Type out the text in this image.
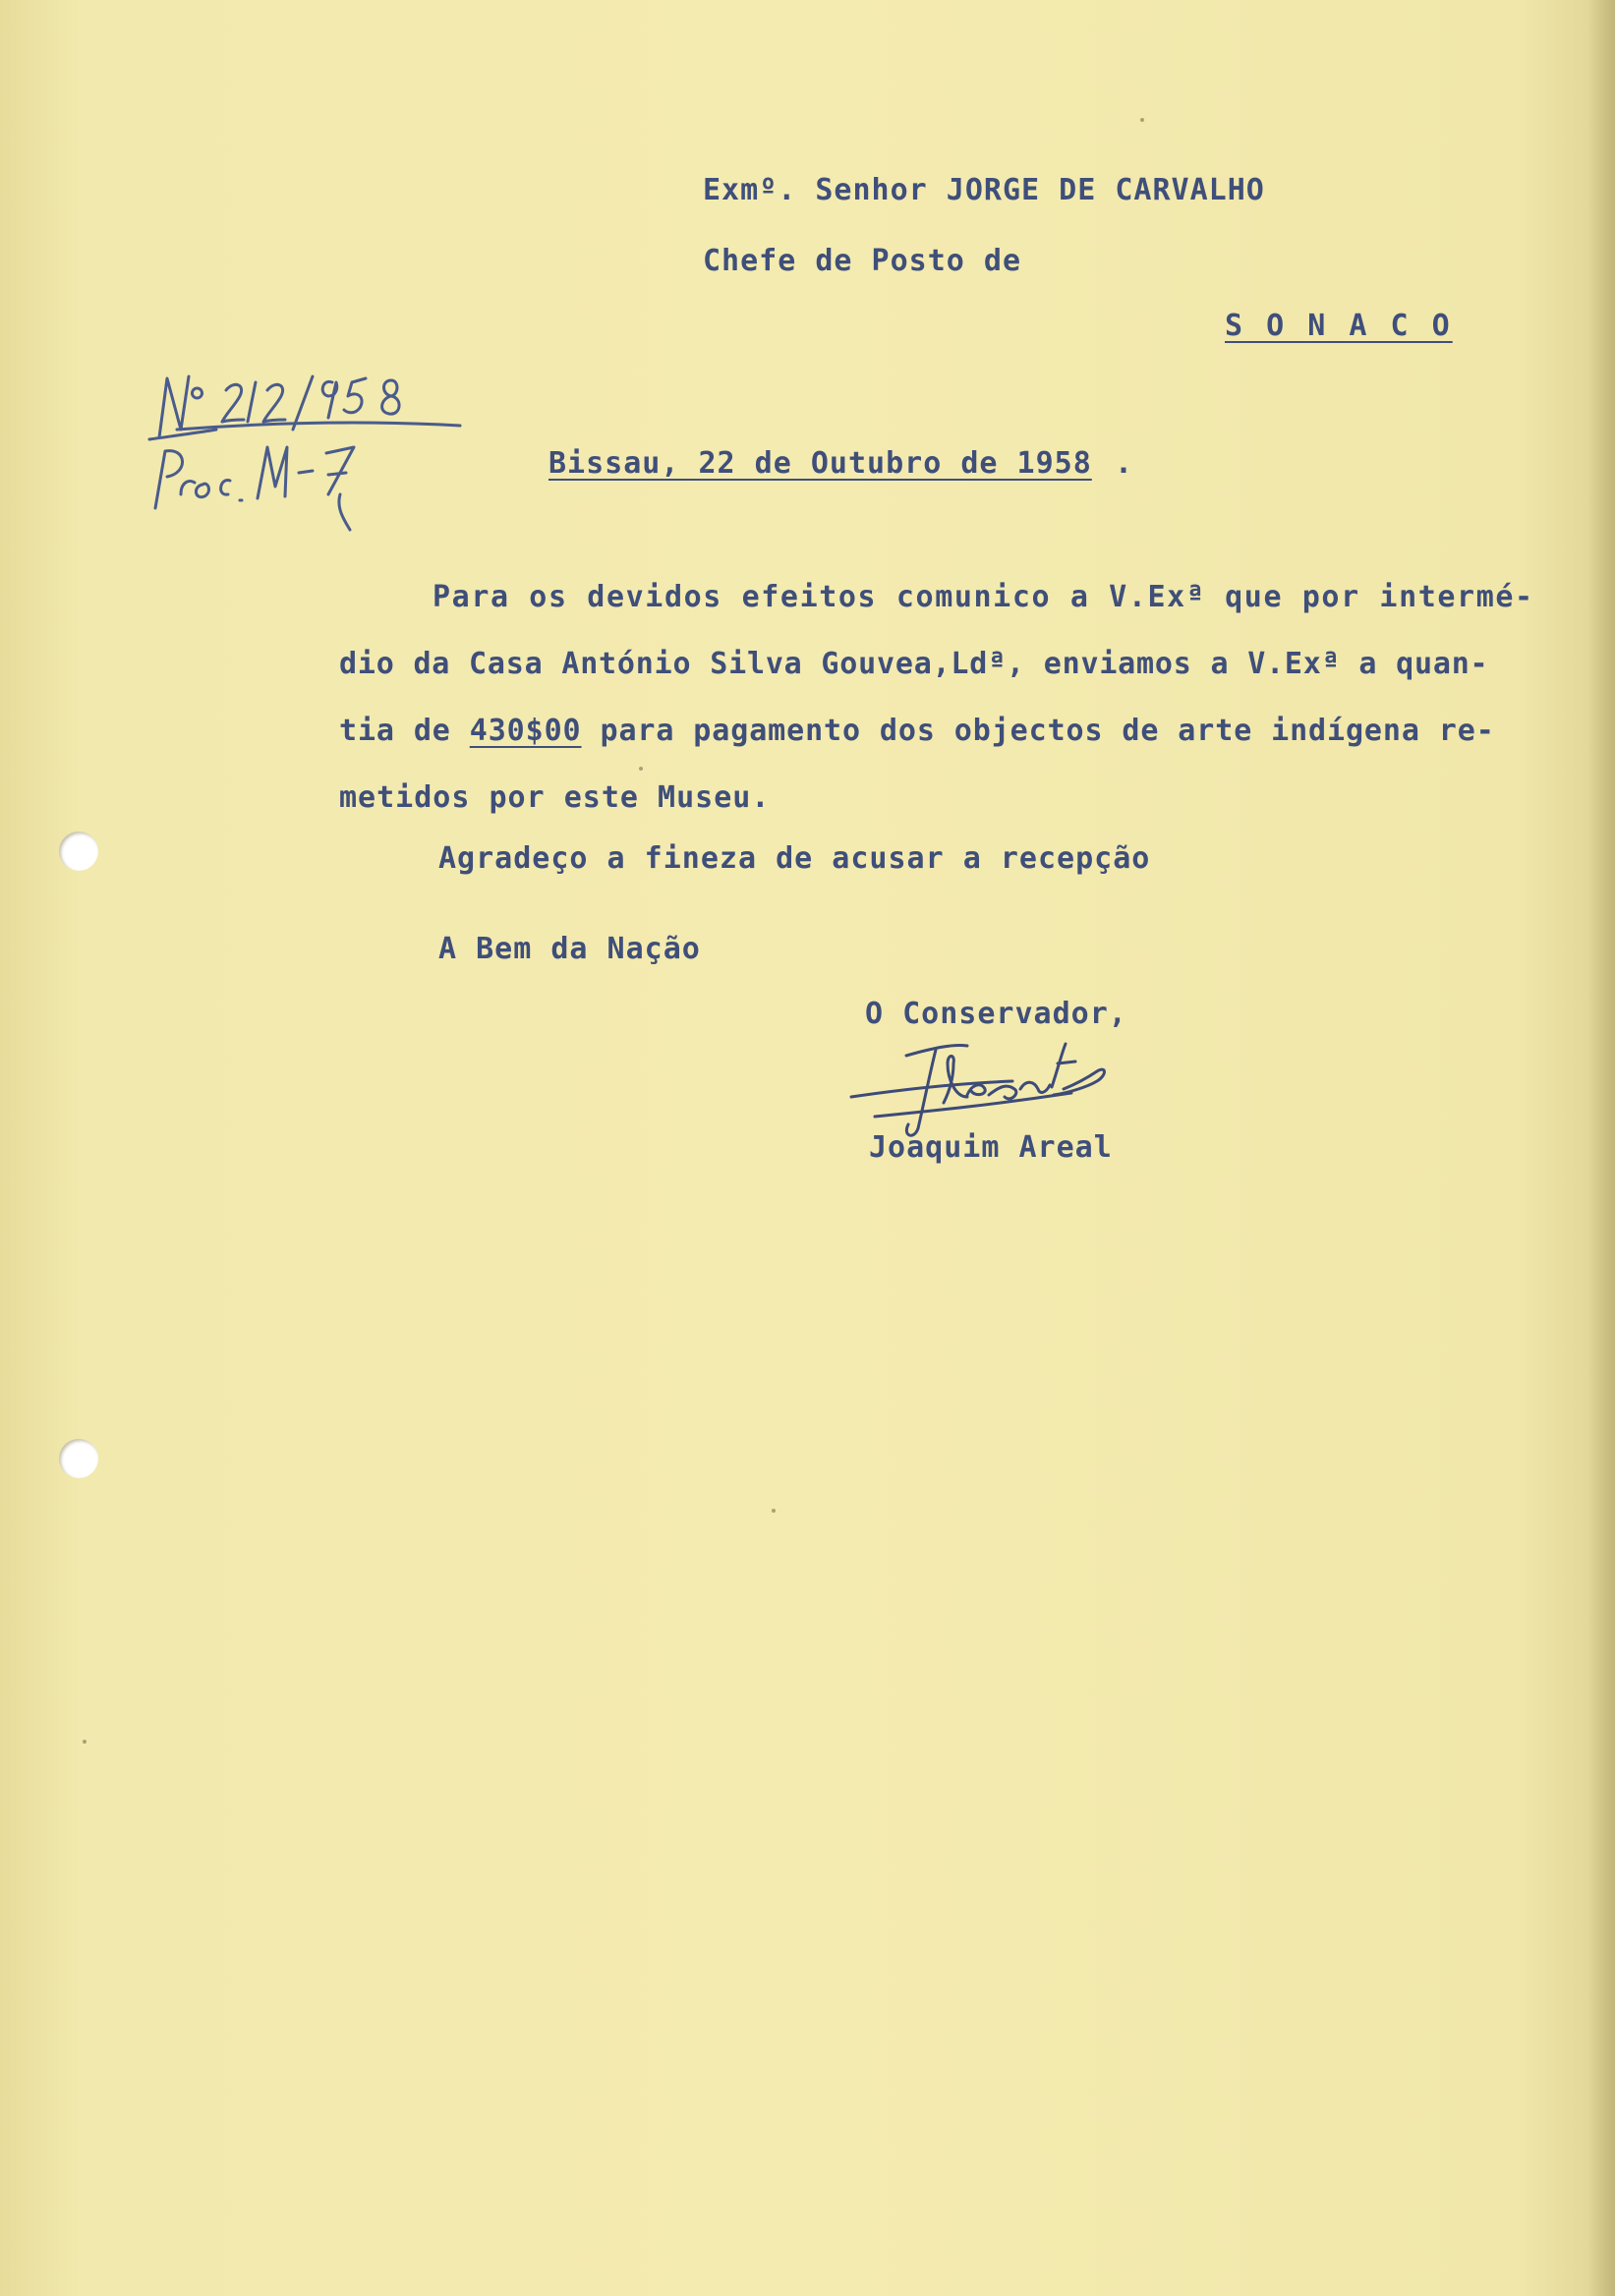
Exmº. Senhor JORGE DE CARVALHO
Chefe de Posto de
S O N A C O
Bissau, 22 de Outubro de 1958 .
Para os devidos efeitos comunico a V.Exª que por intermé-
dio da Casa António Silva Gouvea,Ldª, enviamos a V.Exª a quan-
tia de 430$00 para pagamento dos objectos de arte indígena re-
metidos por este Museu.
Agradeço a fineza de acusar a recepção
A Bem da Nação
O Conservador,
Joaquim Areal
